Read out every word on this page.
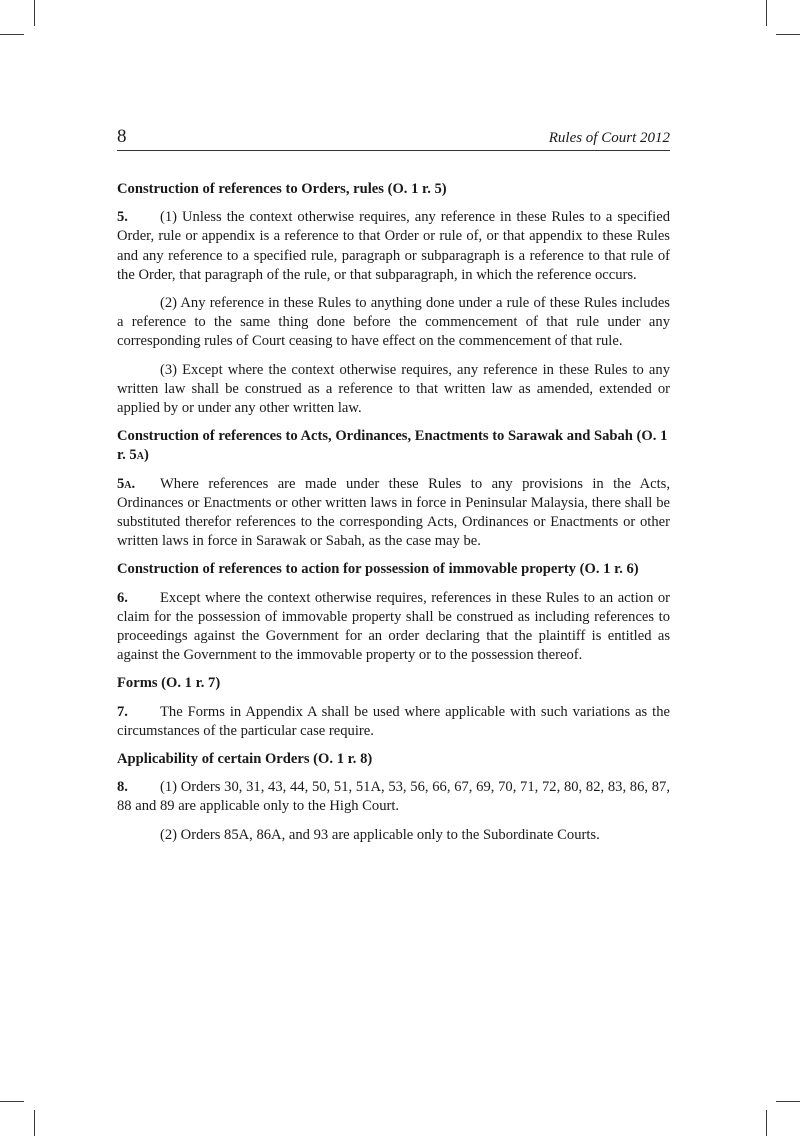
8	Rules of Court 2012

Construction of references to Orders, rules (O. 1 r. 5)

5. (1) Unless the context otherwise requires, any reference in these Rules to a specified Order, rule or appendix is a reference to that Order or rule of, or that appendix to these Rules and any reference to a specified rule, paragraph or subparagraph is a reference to that rule of the Order, that paragraph of the rule, or that subparagraph, in which the reference occurs.

(2) Any reference in these Rules to anything done under a rule of these Rules includes a reference to the same thing done before the commencement of that rule under any corresponding rules of Court ceasing to have effect on the commencement of that rule.

(3) Except where the context otherwise requires, any reference in these Rules to any written law shall be construed as a reference to that written law as amended, extended or applied by or under any other written law.

Construction of references to Acts, Ordinances, Enactments to Sarawak and Sabah (O. 1 r. 5a)

5a. Where references are made under these Rules to any provisions in the Acts, Ordinances or Enactments or other written laws in force in Peninsular Malaysia, there shall be substituted therefor references to the corresponding Acts, Ordinances or Enactments or other written laws in force in Sarawak or Sabah, as the case may be.

Construction of references to action for possession of immovable property (O. 1 r. 6)

6. Except where the context otherwise requires, references in these Rules to an action or claim for the possession of immovable property shall be construed as including references to proceedings against the Government for an order declaring that the plaintiff is entitled as against the Government to the immovable property or to the possession thereof.

Forms (O. 1 r. 7)

7. The Forms in Appendix A shall be used where applicable with such variations as the circumstances of the particular case require.

Applicability of certain Orders (O. 1 r. 8)

8. (1) Orders 30, 31, 43, 44, 50, 51, 51A, 53, 56, 66, 67, 69, 70, 71, 72, 80, 82, 83, 86, 87, 88 and 89 are applicable only to the High Court.

(2) Orders 85A, 86A, and 93 are applicable only to the Subordinate Courts.
